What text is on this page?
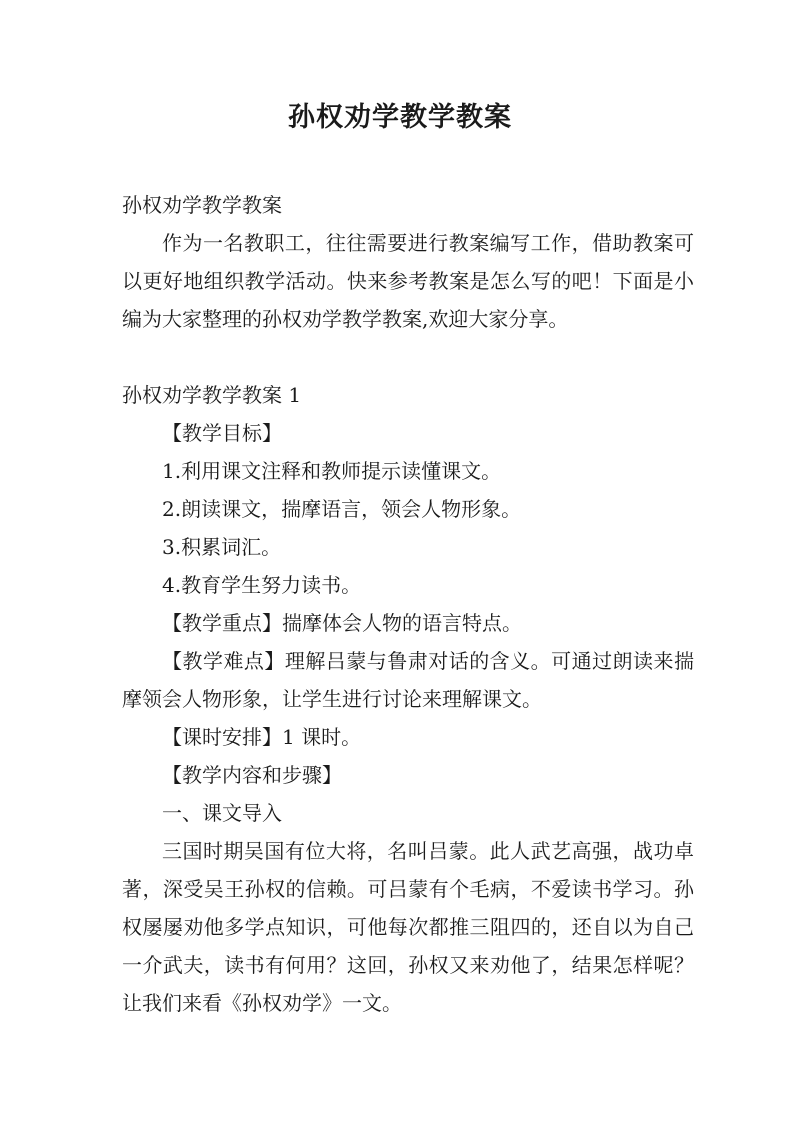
孙权劝学教学教案

孙权劝学教学教案

作为一名教职工，往往需要进行教案编写工作，借助教案可以更好地组织教学活动。快来参考教案是怎么写的吧！下面是小编为大家整理的孙权劝学教学教案,欢迎大家分享。

孙权劝学教学教案 1

【教学目标】

1.利用课文注释和教师提示读懂课文。

2.朗读课文，揣摩语言，领会人物形象。

3.积累词汇。

4.教育学生努力读书。

【教学重点】揣摩体会人物的语言特点。

【教学难点】理解吕蒙与鲁肃对话的含义。可通过朗读来揣摩领会人物形象，让学生进行讨论来理解课文。

【课时安排】1 课时。

【教学内容和步骤】

一、课文导入

三国时期吴国有位大将，名叫吕蒙。此人武艺高强，战功卓著，深受吴王孙权的信赖。可吕蒙有个毛病，不爱读书学习。孙权屡屡劝他多学点知识，可他每次都推三阻四的，还自以为自己一介武夫，读书有何用？这回，孙权又来劝他了，结果怎样呢？让我们来看《孙权劝学》一文。
